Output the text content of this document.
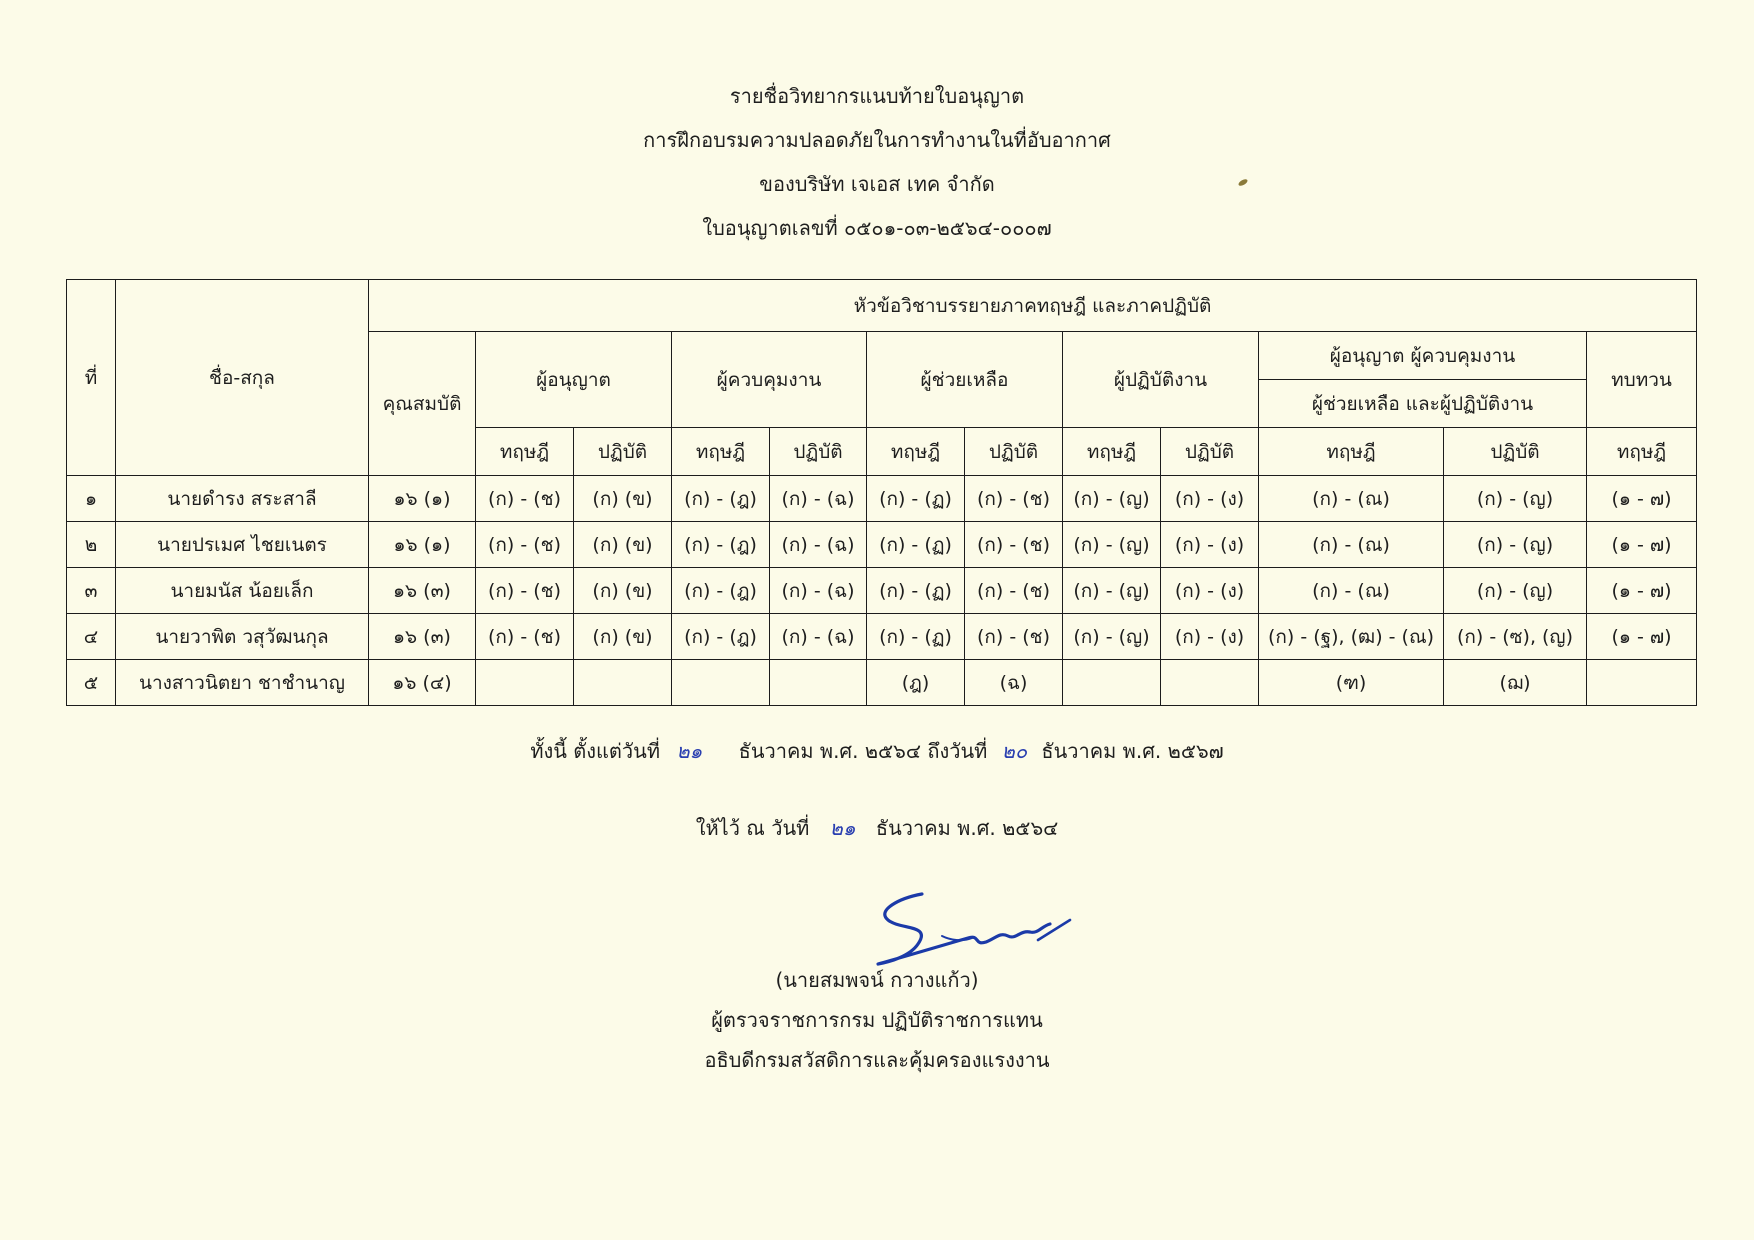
รายชื่อวิทยากรแนบท้ายใบอนุญาต
การฝึกอบรมความปลอดภัยในการทำงานในที่อับอากาศ
ของบริษัท เจเอส เทค จำกัด
ใบอนุญาตเลขที่ ๐๕๐๑-๐๓-๒๕๖๔-๐๐๐๗
ที่	ชื่อ-สกุล	หัวข้อวิชาบรรยายภาคทฤษฎี และภาคปฏิบัติ											
		คุณสมบัติ	ผู้อนุญาต		ผู้ควบคุมงาน		ผู้ช่วยเหลือ		ผู้ปฏิบัติงาน		ผู้อนุญาต ผู้ควบคุมงาน		ทบทวน
											ผู้ช่วยเหลือ และผู้ปฏิบัติงาน		
			ทฤษฎี	ปฏิบัติ	ทฤษฎี	ปฏิบัติ	ทฤษฎี	ปฏิบัติ	ทฤษฎี	ปฏิบัติ	ทฤษฎี	ปฏิบัติ	ทฤษฎี
๑	นายดำรง สระสาลี	๑๖ (๑)	(ก) - (ช)	(ก) (ข)	(ก) - (ฎ)	(ก) - (ฉ)	(ก) - (ฏ)	(ก) - (ช)	(ก) - (ญ)	(ก) - (ง)	(ก) - (ณ)	(ก) - (ญ)	(๑ - ๗)
๒	นายปรเมศ ไชยเนตร	๑๖ (๑)	(ก) - (ช)	(ก) (ข)	(ก) - (ฎ)	(ก) - (ฉ)	(ก) - (ฏ)	(ก) - (ช)	(ก) - (ญ)	(ก) - (ง)	(ก) - (ณ)	(ก) - (ญ)	(๑ - ๗)
๓	นายมนัส น้อยเล็ก	๑๖ (๓)	(ก) - (ช)	(ก) (ข)	(ก) - (ฎ)	(ก) - (ฉ)	(ก) - (ฏ)	(ก) - (ช)	(ก) - (ญ)	(ก) - (ง)	(ก) - (ณ)	(ก) - (ญ)	(๑ - ๗)
๔	นายวาพิต วสุวัฒนกุล	๑๖ (๓)	(ก) - (ช)	(ก) (ข)	(ก) - (ฎ)	(ก) - (ฉ)	(ก) - (ฏ)	(ก) - (ช)	(ก) - (ญ)	(ก) - (ง)	(ก) - (ฐ), (ฒ) - (ณ)	(ก) - (ซ), (ญ)	(๑ - ๗)
๕	นางสาวนิตยา ชาชำนาญ	๑๖ (๔)					(ฎ)	(ฉ)			(ฑ)	(ฌ)	
ทั้งนี้ ตั้งแต่วันที่ ๒๑ ธันวาคม พ.ศ. ๒๕๖๔ ถึงวันที่ ๒๐ ธันวาคม พ.ศ. ๒๕๖๗
ให้ไว้ ณ วันที่ ๒๑ ธันวาคม พ.ศ. ๒๕๖๔
(นายสมพจน์ กวางแก้ว)
ผู้ตรวจราชการกรม ปฏิบัติราชการแทน
อธิบดีกรมสวัสดิการและคุ้มครองแรงงาน
